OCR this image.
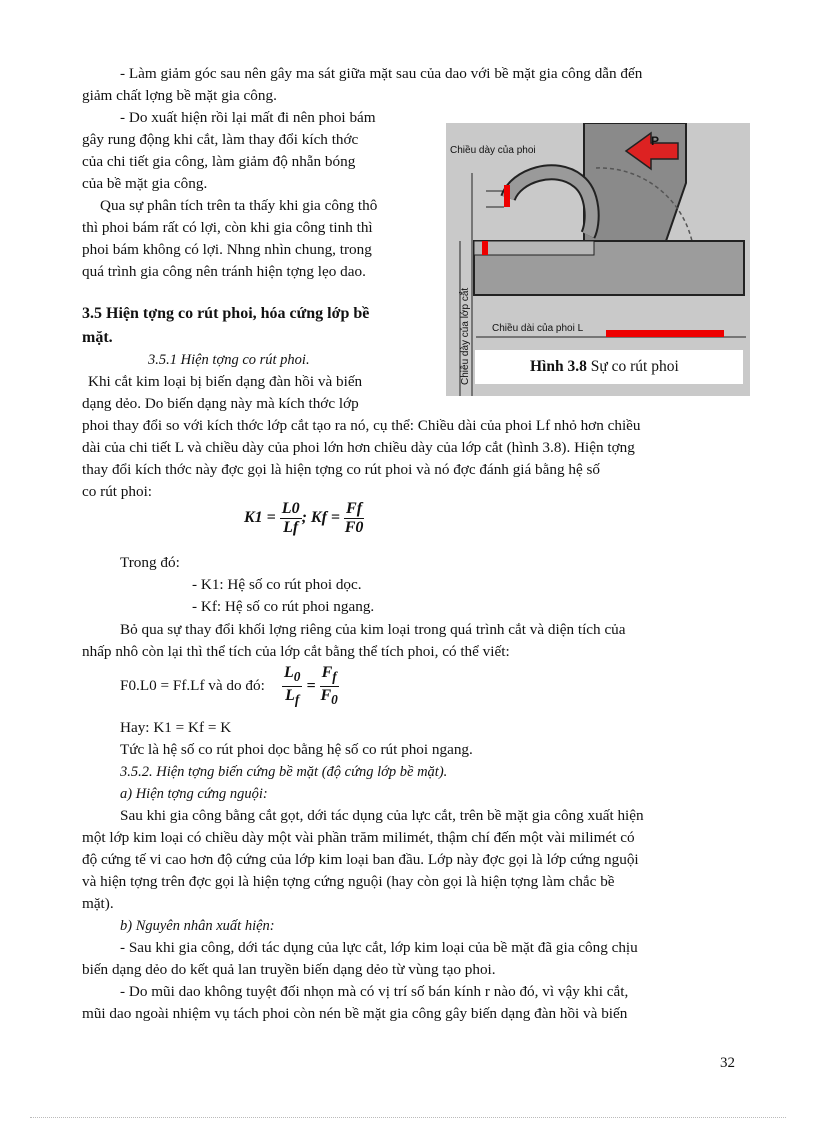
- Làm giảm góc sau nên gây ma sát giữa mặt sau của dao với bề mặt gia công dẫn đến
giảm chất lợng bề mặt gia công.
- Do xuất hiện rồi lại mất đi nên phoi bám
gây rung động khi cắt, làm thay đổi kích thớc
của chi tiết gia công, làm giảm độ nhẵn bóng
của bề mặt gia công.
Qua sự phân tích trên ta thấy khi gia công thô
thì phoi bám rất có lợi, còn khi gia công tinh thì
phoi bám không có lợi. Nhng nhìn chung, trong
quá trình gia công nên tránh hiện tợng lẹo dao.
3.5 Hiện tợng co rút phoi, hóa cứng lớp bề
mặt.
3.5.1 Hiện tợng co rút phoi.
Khi cắt kim loại bị biến dạng đàn hồi và biến
dạng dẻo. Do biến dạng này mà kích thớc lớp
phoi thay đổi so với kích thớc lớp cắt tạo ra nó, cụ thể: Chiều dài của phoi Lf nhỏ hơn chiều
dài của chi tiết L và chiều dày của phoi lớn hơn chiều dày của lớp cắt (hình 3.8). Hiện tợng
thay đổi kích thớc này đợc gọi là hiện tợng co rút phoi và nó đợc đánh giá bằng hệ số
co rút phoi:
$K1 = \frac{L0}{Lf}$ ; $Kf = \frac{Ff}{F0}$
Trong đó:
- K1: Hệ số co rút phoi dọc.
- Kf: Hệ số co rút phoi ngang.
Bỏ qua sự thay đổi khối lợng riêng của kim loại trong quá trình cắt và diện tích của
nhấp nhô còn lại thì thể tích của lớp cắt bằng thể tích phoi, có thể viết:
F0.L0 = Ff.Lf và do đó: $\frac{L_0}{L_f} = \frac{F_f}{F_0}$
Hay: K1 = Kf = K
Tức là hệ số co rút phoi dọc bằng hệ số co rút phoi ngang.
3.5.2. Hiện tợng biến cứng bề mặt (độ cứng lớp bề mặt).
a) Hiện tợng cứng nguội:
Sau khi gia công bằng cắt gọt, dới tác dụng của lực cắt, trên bề mặt gia công xuất hiện
một lớp kim loại có chiều dày một vài phần trăm milimét, thậm chí đến một vài milimét có
độ cứng tế vi cao hơn độ cứng của lớp kim loại ban đầu. Lớp này đợc gọi là lớp cứng nguội
và hiện tợng trên đợc gọi là hiện tợng cứng nguội (hay còn gọi là hiện tợng làm chắc bề
mặt).
b) Nguyên nhân xuất hiện:
- Sau khi gia công, dới tác dụng của lực cắt, lớp kim loại của bề mặt đã gia công chịu
biến dạng dẻo do kết quả lan truyền biến dạng dẻo từ vùng tạo phoi.
- Do mũi dao không tuyệt đối nhọn mà có vị trí số bán kính r nào đó, vì vậy khi cắt,
mũi dao ngoài nhiệm vụ tách phoi còn nén bề mặt gia công gây biến dạng đàn hồi và biến
P
Chiều dày của lớp cắt
Chiều dày của phoi
Chiều dài của phoi L
Hình 3.8 Sự co rút phoi
32
